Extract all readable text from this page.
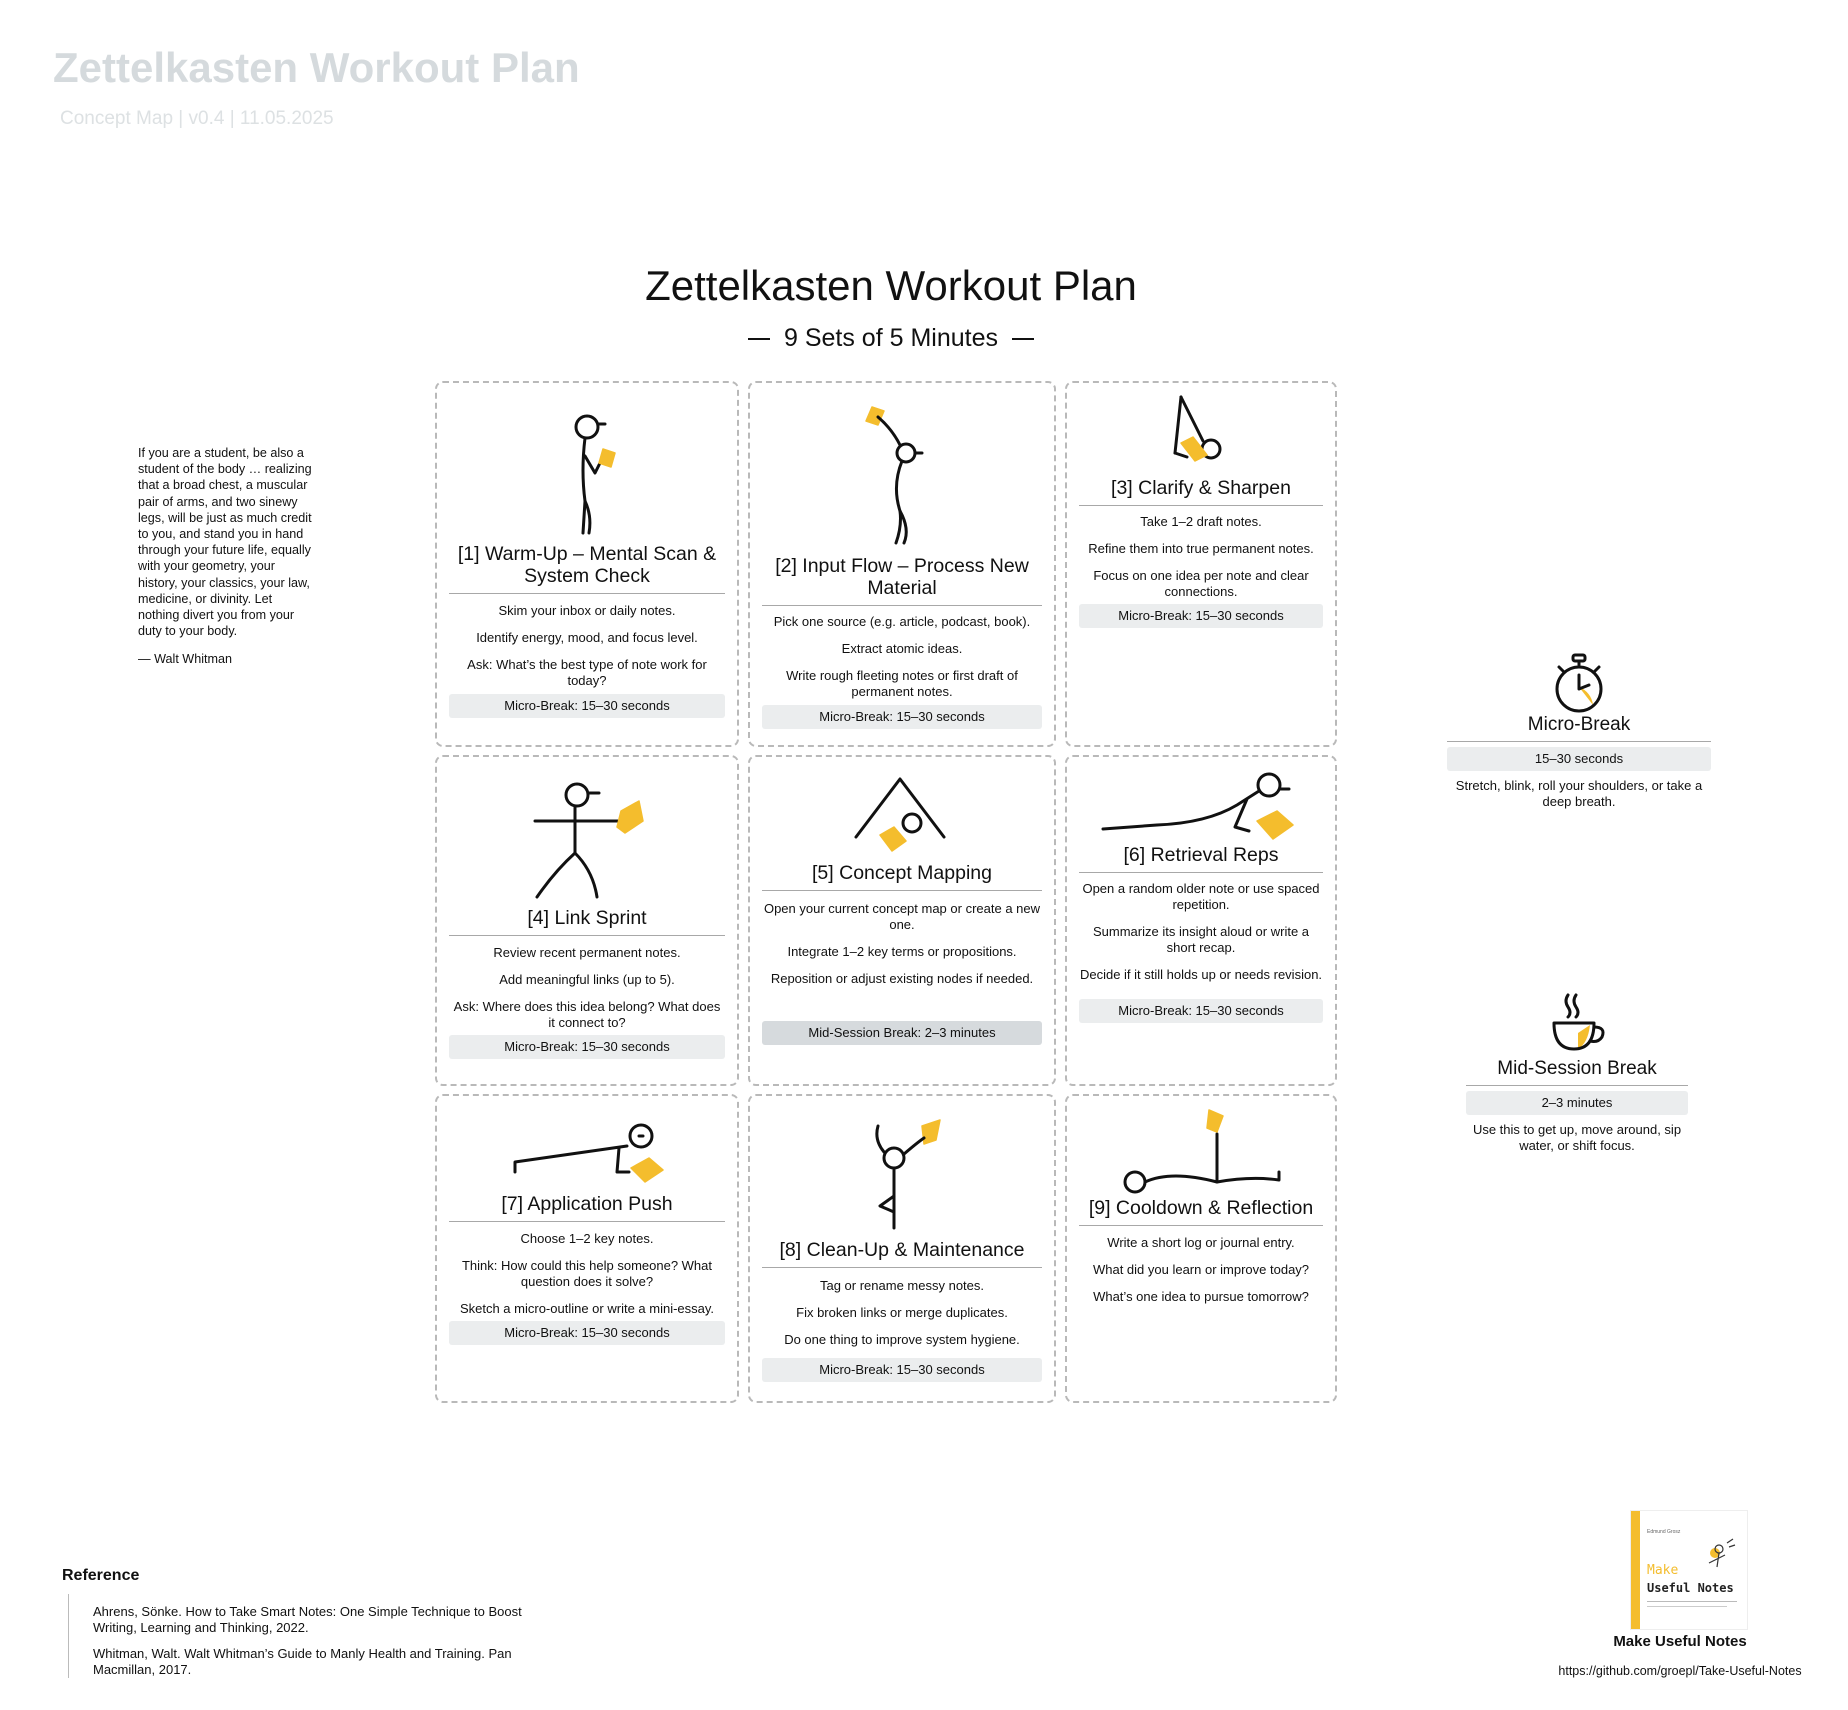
Zettelkasten Workout Plan
Concept Map | v0.4 | 11.05.2025
Zettelkasten Workout Plan
9 Sets of 5 Minutes
If you are a student, be also a student of the body … realizing that a broad chest, a muscular pair of arms, and two sinewy legs, will be just as much credit to you, and stand you in hand through your future life, equally with your geometry, your history, your classics, your law, medicine, or divinity. Let nothing divert you from your duty to your body.
— Walt Whitman
[1] Warm-Up – Mental Scan & System Check
Skim your inbox or daily notes.
Identify energy, mood, and focus level.
Ask: What’s the best type of note work for today?
Micro-Break: 15–30 seconds
[2] Input Flow – Process New Material
Pick one source (e.g. article, podcast, book).
Extract atomic ideas.
Write rough fleeting notes or first draft of permanent notes.
Micro-Break: 15–30 seconds
[3] Clarify & Sharpen
Take 1–2 draft notes.
Refine them into true permanent notes.
Focus on one idea per note and clear connections.
Micro-Break: 15–30 seconds
[4] Link Sprint
Review recent permanent notes.
Add meaningful links (up to 5).
Ask: Where does this idea belong? What does it connect to?
Micro-Break: 15–30 seconds
[5] Concept Mapping
Open your current concept map or create a new one.
Integrate 1–2 key terms or propositions.
Reposition or adjust existing nodes if needed.
Mid-Session Break: 2–3 minutes
[6] Retrieval Reps
Open a random older note or use spaced repetition.
Summarize its insight aloud or write a short recap.
Decide if it still holds up or needs revision.
Micro-Break: 15–30 seconds
[7] Application Push
Choose 1–2 key notes.
Think: How could this help someone? What question does it solve?
Sketch a micro-outline or write a mini-essay.
Micro-Break: 15–30 seconds
[8] Clean-Up & Maintenance
Tag or rename messy notes.
Fix broken links or merge duplicates.
Do one thing to improve system hygiene.
Micro-Break: 15–30 seconds
[9] Cooldown & Reflection
Write a short log or journal entry.
What did you learn or improve today?
What’s one idea to pursue tomorrow?
Micro-Break
15–30 seconds
Stretch, blink, roll your shoulders, or take a deep breath.
Mid-Session Break
2–3 minutes
Use this to get up, move around, sip water, or shift focus.
Reference
Ahrens, Sönke. How to Take Smart Notes: One Simple Technique to Boost Writing, Learning and Thinking, 2022.
Whitman, Walt. Walt Whitman’s Guide to Manly Health and Training. Pan Macmillan, 2017.
Edmund Grosz
Make
Useful Notes
Make Useful Notes
https://github.com/groepl/Take-Useful-Notes
